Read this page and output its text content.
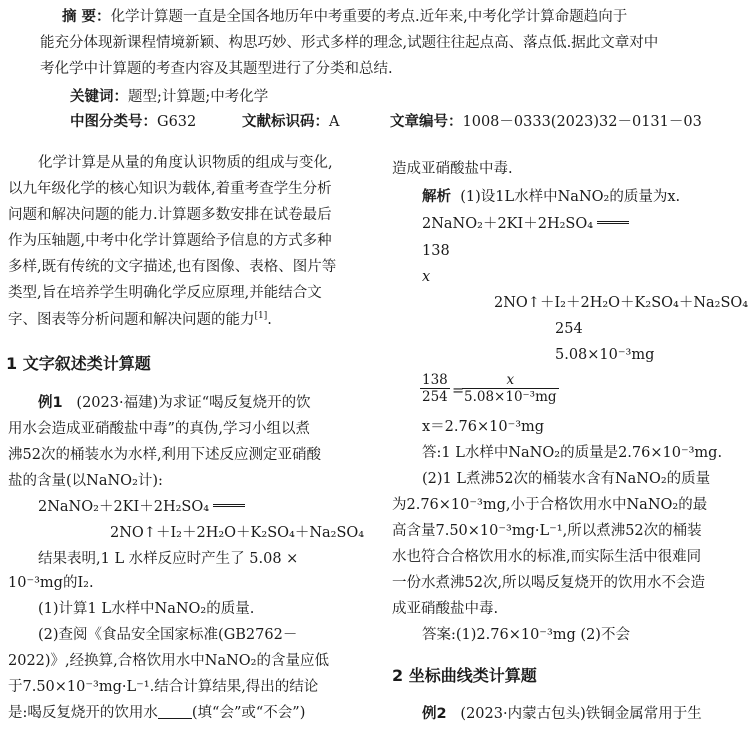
摘 要：化学计算题一直是全国各地历年中考重要的考点.近年来,中考化学计算命题趋向于
能充分体现新课程情境新颖、构思巧妙、形式多样的理念,试题往往起点高、落点低.据此文章对中
考化学中计算题的考查内容及其题型进行了分类和总结.
关键词：题型;计算题;中考化学
中图分类号：G632	文献标识码：A	文章编号：1008－0333(2023)32－0131－03
化学计算是从量的角度认识物质的组成与变化,
以九年级化学的核心知识为载体,着重考查学生分析
问题和解决问题的能力.计算题多数安排在试卷最后
作为压轴题,中考中化学计算题给予信息的方式多种
多样,既有传统的文字描述,也有图像、表格、图片等
类型,旨在培养学生明确化学反应原理,并能结合文
字、图表等分析问题和解决问题的能力[1].
1 文字叙述类计算题
例1 (2023·福建)为求证“喝反复烧开的饮
用水会造成亚硝酸盐中毒”的真伪,学习小组以煮
沸52次的桶装水为水样,利用下述反应测定亚硝酸
盐的含量(以NaNO₂计):
2NaNO₂＋2KI＋2H₂SO₄
2NO↑＋I₂＋2H₂O＋K₂SO₄＋Na₂SO₄
结果表明,1 L 水样反应时产生了 5.08 ×
10⁻³mg的I₂.
(1)计算1 L水样中NaNO₂的质量.
(2)查阅《食品安全国家标准(GB2762－
2022)》,经换算,合格饮用水中NaNO₂的含量应低
于7.50×10⁻³mg·L⁻¹.结合计算结果,得出的结论
是:喝反复烧开的饮用水 (填“会”或“不会”)
造成亚硝酸盐中毒.
解析 (1)设1L水样中NaNO₂的质量为x.
2NaNO₂＋2KI＋2H₂SO₄
138
x
2NO↑＋I₂＋2H₂O＋K₂SO₄＋Na₂SO₄
254
5.08×10⁻³mg
$\frac{138}{254}$ =
$\frac{x}{\text{5.08×10⁻³mg}}$
x＝2.76×10⁻³mg
答:1 L水样中NaNO₂的质量是2.76×10⁻³mg.
(2)1 L煮沸52次的桶装水含有NaNO₂的质量
为2.76×10⁻³mg,小于合格饮用水中NaNO₂的最
高含量7.50×10⁻³mg·L⁻¹,所以煮沸52次的桶装
水也符合合格饮用水的标准,而实际生活中很难同
一份水煮沸52次,所以喝反复烧开的饮用水不会造
成亚硝酸盐中毒.
答案:(1)2.76×10⁻³mg (2)不会
2 坐标曲线类计算题
例2 (2023·内蒙古包头)铁铜金属常用于生
